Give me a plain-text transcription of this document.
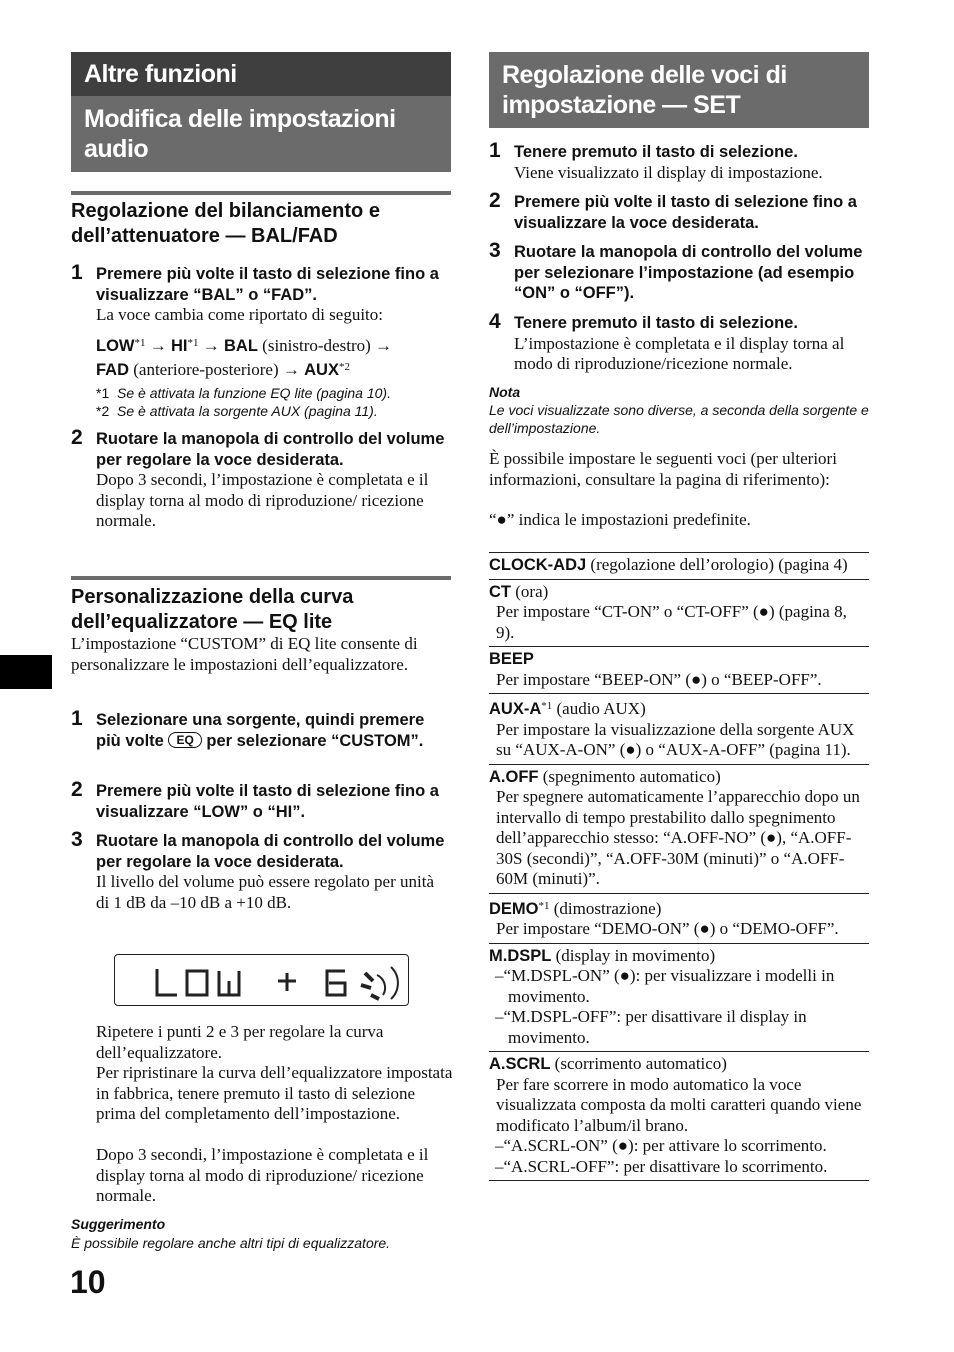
Altre funzioni
Modifica delle impostazioni audio
Regolazione del bilanciamento e dell’attenuatore — BAL/FAD
1 Premere più volte il tasto di selezione fino a visualizzare “BAL” o “FAD”.
La voce cambia come riportato di seguito:
$LOW^{*1} \to HI^{*1}$ → BAL (sinistro-destro) →
FAD (anteriore-posteriore) → $AUX^{*2}$
*1 Se è attivata la funzione EQ lite (pagina 10).
*2 Se è attivata la sorgente AUX (pagina 11).
2 Ruotare la manopola di controllo del volume per regolare la voce desiderata.
Dopo 3 secondi, l’impostazione è completata e il display torna al modo di riproduzione/ ricezione normale.
Personalizzazione della curva dell’equalizzatore — EQ lite
L’impostazione “CUSTOM” di EQ lite consente di personalizzare le impostazioni dell’equalizzatore.
1 Selezionare una sorgente, quindi premere più volte EQ per selezionare “CUSTOM”.
2 Premere più volte il tasto di selezione fino a visualizzare “LOW” o “HI”.
3 Ruotare la manopola di controllo del volume per regolare la voce desiderata.
Il livello del volume può essere regolato per unità di 1 dB da –10 dB a +10 dB.
Ripetere i punti 2 e 3 per regolare la curva dell’equalizzatore.
Per ripristinare la curva dell’equalizzatore impostata in fabbrica, tenere premuto il tasto di selezione prima del completamento dell’impostazione.
Dopo 3 secondi, l’impostazione è completata e il display torna al modo di riproduzione/ ricezione normale.
Suggerimento
È possibile regolare anche altri tipi di equalizzatore.
Regolazione delle voci di impostazione — SET
1 Tenere premuto il tasto di selezione.
Viene visualizzato il display di impostazione.
2 Premere più volte il tasto di selezione fino a visualizzare la voce desiderata.
3 Ruotare la manopola di controllo del volume per selezionare l’impostazione (ad esempio “ON” o “OFF”).
4 Tenere premuto il tasto di selezione.
L’impostazione è completata e il display torna al modo di riproduzione/ricezione normale.
Nota
Le voci visualizzate sono diverse, a seconda della sorgente e dell’impostazione.
È possibile impostare le seguenti voci (per ulteriori informazioni, consultare la pagina di riferimento):
“●” indica le impostazioni predefinite.
CLOCK-ADJ (regolazione dell’orologio) (pagina 4)
CT (ora)
Per impostare “CT-ON” o “CT-OFF” (●) (pagina 8, 9).
BEEP
Per impostare “BEEP-ON” (●) o “BEEP-OFF”.
AUX-$A^{*1}$ (audio AUX)
Per impostare la visualizzazione della sorgente AUX su “AUX-A-ON” (●) o “AUX-A-OFF” (pagina 11).
A.OFF (spegnimento automatico)
Per spegnere automaticamente l’apparecchio dopo un intervallo di tempo prestabilito dallo spegnimento dell’apparecchio stesso: “A.OFF-NO” (●), “A.OFF-30S (secondi)”, “A.OFF-30M (minuti)” o “A.OFF-60M (minuti)”.
DEMO$^{*1}$ (dimostrazione)
Per impostare “DEMO-ON” (●) o “DEMO-OFF”.
M.DSPL (display in movimento)
–“M.DSPL-ON” (●): per visualizzare i modelli in movimento.
–“M.DSPL-OFF”: per disattivare il display in movimento.
A.SCRL (scorrimento automatico)
Per fare scorrere in modo automatico la voce visualizzata composta da molti caratteri quando viene modificato l’album/il brano.
–“A.SCRL-ON” (●): per attivare lo scorrimento.
–“A.SCRL-OFF”: per disattivare lo scorrimento.
10
